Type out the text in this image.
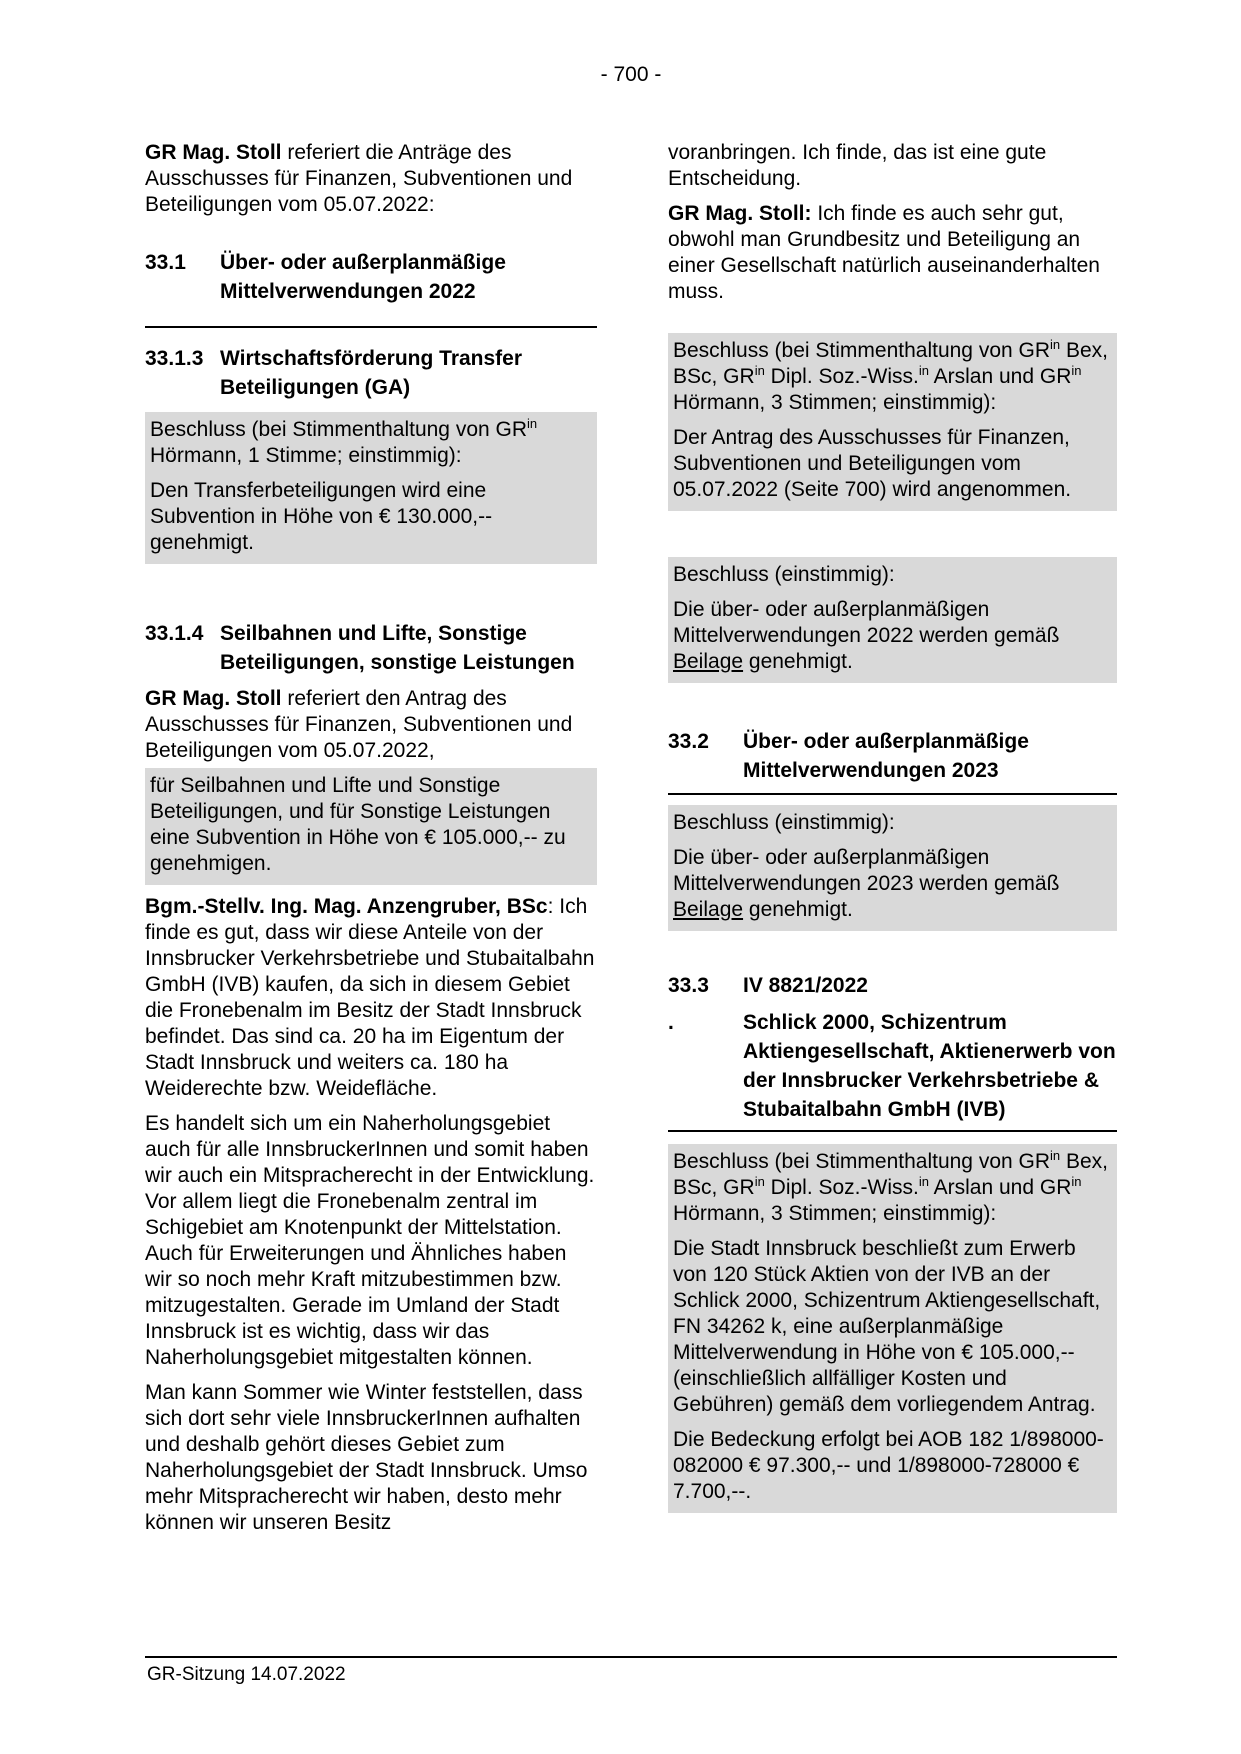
- 700 -

GR Mag. Stoll referiert die Anträge des Ausschusses für Finanzen, Subventionen und Beteiligungen vom 05.07.2022:

33.1	Über- oder außerplanmäßige Mittelverwendungen 2022
33.1.3 Wirtschaftsförderung Transfer Beteiligungen (GA)

Beschluss (bei Stimmenthaltung von $GR^{in}$ Hörmann, 1 Stimme; einstimmig):

Den Transferbeteiligungen wird eine Subvention in Höhe von € 130.000,-- genehmigt.

33.1.4 Seilbahnen und Lifte, Sonstige Beteiligungen, sonstige Leistungen

GR Mag. Stoll referiert den Antrag des Ausschusses für Finanzen, Subventionen und Beteiligungen vom 05.07.2022,

für Seilbahnen und Lifte und Sonstige Beteiligungen, und für Sonstige Leistungen eine Subvention in Höhe von € 105.000,-- zu genehmigen.

Bgm.-Stellv. Ing. Mag. Anzengruber, BSc: Ich finde es gut, dass wir diese Anteile von der Innsbrucker Verkehrsbetriebe und Stubaitalbahn GmbH (IVB) kaufen, da sich in diesem Gebiet die Fronebenalm im Besitz der Stadt Innsbruck befindet. Das sind ca. 20 ha im Eigentum der Stadt Innsbruck und weiters ca. 180 ha Weiderechte bzw. Weidefläche.

Es handelt sich um ein Naherholungsgebiet auch für alle InnsbruckerInnen und somit haben wir auch ein Mitspracherecht in der Entwicklung. Vor allem liegt die Fronebenalm zentral im Schigebiet am Knotenpunkt der Mittelstation. Auch für Erweiterungen und Ähnliches haben wir so noch mehr Kraft mitzubestimmen bzw. mitzugestalten. Gerade im Umland der Stadt Innsbruck ist es wichtig, dass wir das Naherholungsgebiet mitgestalten können.

Man kann Sommer wie Winter feststellen, dass sich dort sehr viele InnsbruckerInnen aufhalten und deshalb gehört dieses Gebiet zum Naherholungsgebiet der Stadt Innsbruck. Umso mehr Mitspracherecht wir haben, desto mehr können wir unseren Besitz

voranbringen. Ich finde, das ist eine gute Entscheidung.

GR Mag. Stoll: Ich finde es auch sehr gut, obwohl man Grundbesitz und Beteiligung an einer Gesellschaft natürlich auseinanderhalten muss.

Beschluss (bei Stimmenthaltung von $GR^{in}$ Bex, BSc, $GR^{in}$ Dipl. Soz.-Wiss.$^{in}$ Arslan und $GR^{in}$ Hörmann, 3 Stimmen; einstimmig):

Der Antrag des Ausschusses für Finanzen, Subventionen und Beteiligungen vom 05.07.2022 (Seite 700) wird angenommen.

Beschluss (einstimmig):

Die über- oder außerplanmäßigen Mittelverwendungen 2022 werden gemäß Beilage genehmigt.

33.2	Über- oder außerplanmäßige Mittelverwendungen 2023

Beschluss (einstimmig):

Die über- oder außerplanmäßigen Mittelverwendungen 2023 werden gemäß Beilage genehmigt.

33.3	IV 8821/2022
.	Schlick 2000, Schizentrum Aktiengesellschaft, Aktienerwerb von der Innsbrucker Verkehrsbetriebe & Stubaitalbahn GmbH (IVB)

Beschluss (bei Stimmenthaltung von $GR^{in}$ Bex, BSc, $GR^{in}$ Dipl. Soz.-Wiss.$^{in}$ Arslan und $GR^{in}$ Hörmann, 3 Stimmen; einstimmig):

Die Stadt Innsbruck beschließt zum Erwerb von 120 Stück Aktien von der IVB an der Schlick 2000, Schizentrum Aktiengesellschaft, FN 34262 k, eine außerplanmäßige Mittelverwendung in Höhe von € 105.000,-- (einschließlich allfälliger Kosten und Gebühren) gemäß dem vorliegendem Antrag.

Die Bedeckung erfolgt bei AOB 182 1/898000-082000 € 97.300,-- und 1/898000-728000 € 7.700,--.

GR-Sitzung 14.07.2022
